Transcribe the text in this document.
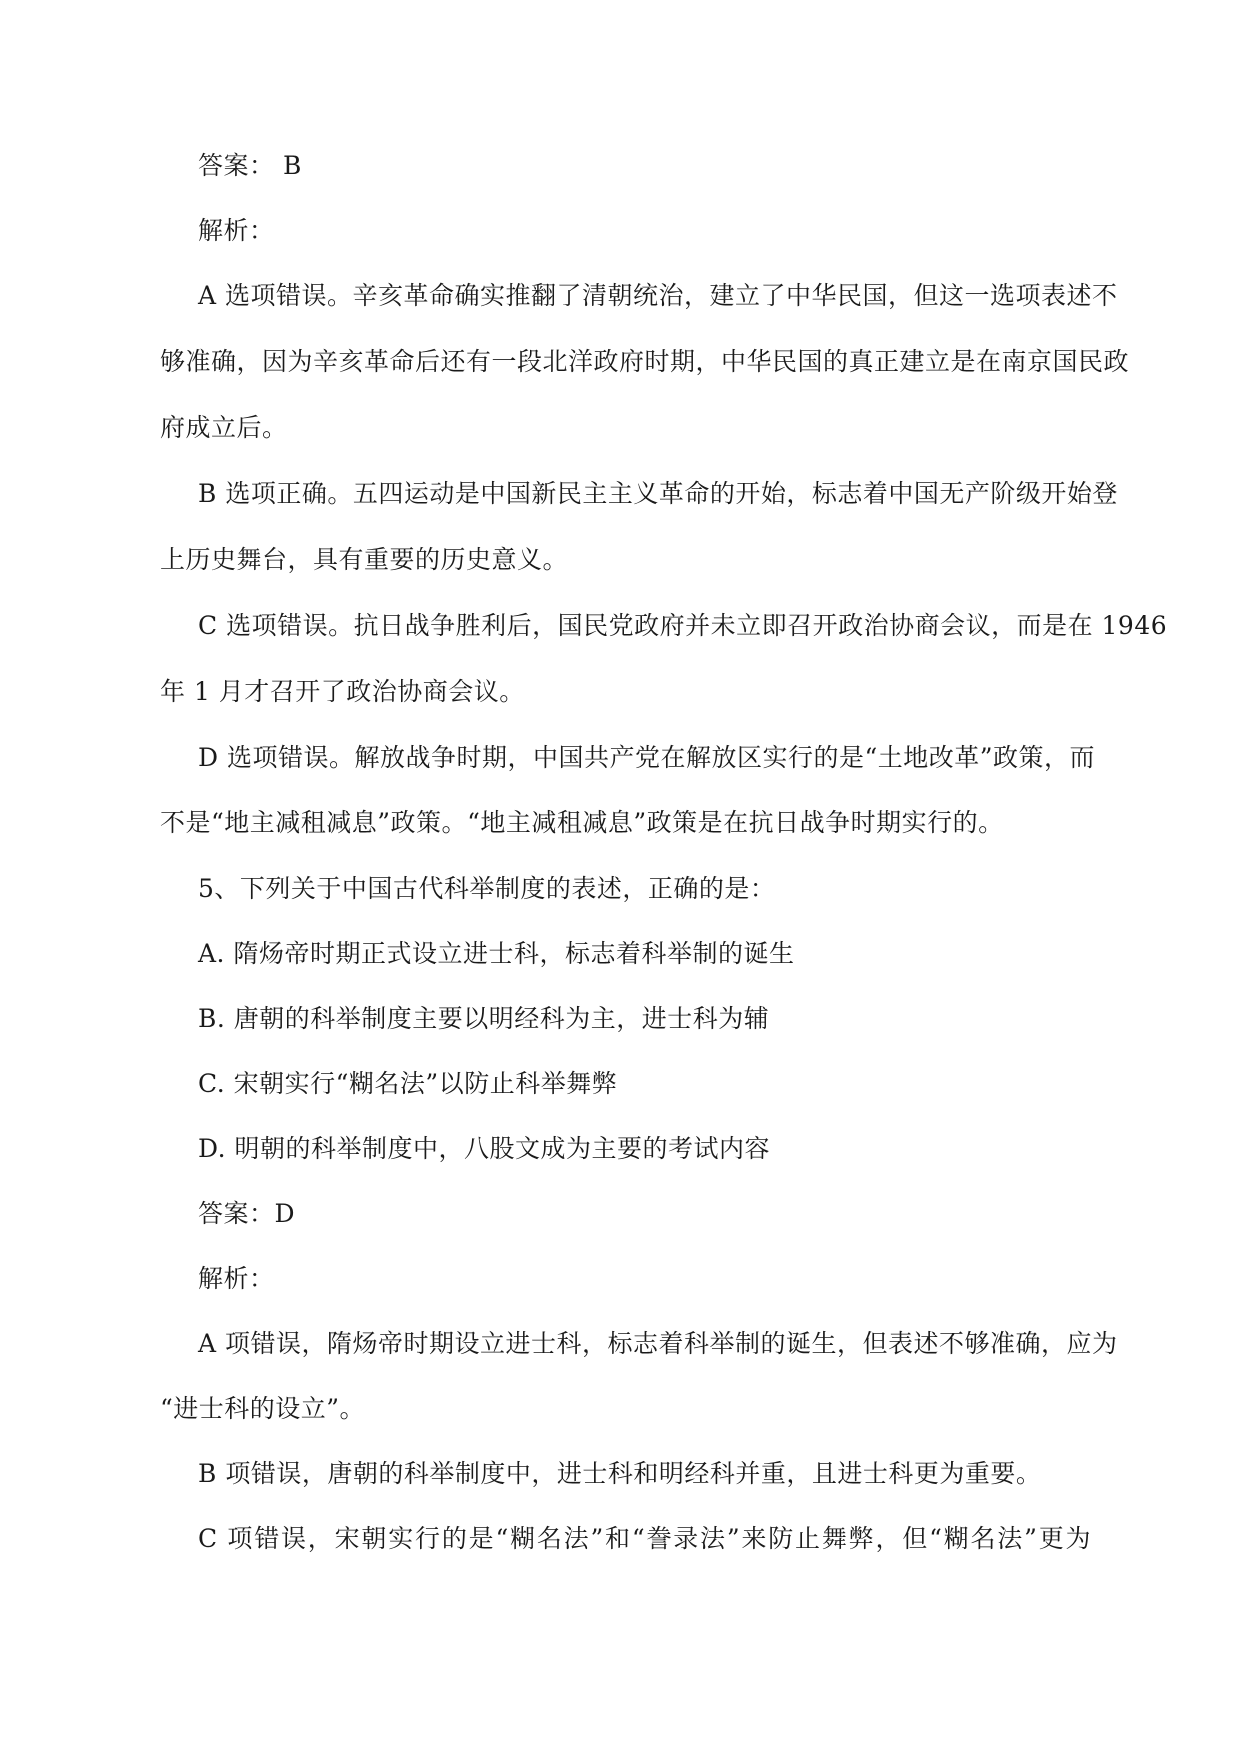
答案： B
解析：
A 选项错误。辛亥革命确实推翻了清朝统治，建立了中华民国，但这一选项表述不
够准确，因为辛亥革命后还有一段北洋政府时期，中华民国的真正建立是在南京国民政
府成立后。
B 选项正确。五四运动是中国新民主主义革命的开始，标志着中国无产阶级开始登
上历史舞台，具有重要的历史意义。
C 选项错误。抗日战争胜利后，国民党政府并未立即召开政治协商会议，而是在 1946
年 1 月才召开了政治协商会议。
D 选项错误。解放战争时期，中国共产党在解放区实行的是“土地改革”政策，而
不是“地主减租减息”政策。“地主减租减息”政策是在抗日战争时期实行的。
5、下列关于中国古代科举制度的表述，正确的是：
A. 隋炀帝时期正式设立进士科，标志着科举制的诞生
B. 唐朝的科举制度主要以明经科为主，进士科为辅
C. 宋朝实行“糊名法”以防止科举舞弊
D. 明朝的科举制度中，八股文成为主要的考试内容
答案：D
解析：
A 项错误，隋炀帝时期设立进士科，标志着科举制的诞生，但表述不够准确，应为
“进士科的设立”。
B 项错误，唐朝的科举制度中，进士科和明经科并重，且进士科更为重要。
C 项错误，宋朝实行的是“糊名法”和“誊录法”来防止舞弊，但“糊名法”更为
